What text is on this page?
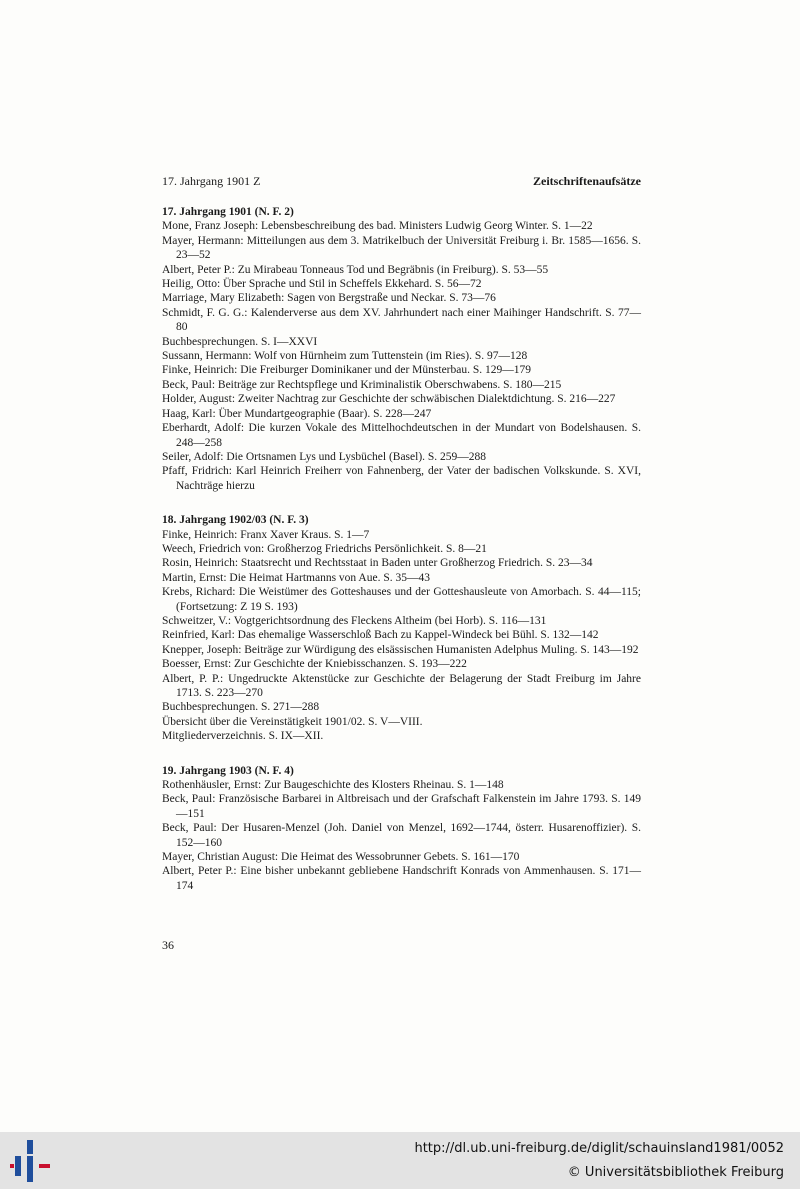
17. Jahrgang 1901 Z	Zeitschriftenaufsätze
17. Jahrgang 1901 (N. F. 2)
Mone, Franz Joseph: Lebensbeschreibung des bad. Ministers Ludwig Georg Winter. S. 1—22
Mayer, Hermann: Mitteilungen aus dem 3. Matrikelbuch der Universität Freiburg i. Br. 1585—1656. S. 23—52
Albert, Peter P.: Zu Mirabeau Tonneaus Tod und Begräbnis (in Freiburg). S. 53—55
Heilig, Otto: Über Sprache und Stil in Scheffels Ekkehard. S. 56—72
Marriage, Mary Elizabeth: Sagen von Bergstraße und Neckar. S. 73—76
Schmidt, F. G. G.: Kalenderverse aus dem XV. Jahrhundert nach einer Maihinger Handschrift. S. 77—80
Buchbesprechungen. S. I—XXVI
Sussann, Hermann: Wolf von Hürnheim zum Tuttenstein (im Ries). S. 97—128
Finke, Heinrich: Die Freiburger Dominikaner und der Münsterbau. S. 129—179
Beck, Paul: Beiträge zur Rechtspflege und Kriminalistik Oberschwabens. S. 180—215
Holder, August: Zweiter Nachtrag zur Geschichte der schwäbischen Dialektdichtung. S. 216—227
Haag, Karl: Über Mundartgeographie (Baar). S. 228—247
Eberhardt, Adolf: Die kurzen Vokale des Mittelhochdeutschen in der Mundart von Bodelshausen. S. 248—258
Seiler, Adolf: Die Ortsnamen Lys und Lysbüchel (Basel). S. 259—288
Pfaff, Fridrich: Karl Heinrich Freiherr von Fahnenberg, der Vater der badischen Volkskunde. S. XVI, Nachträge hierzu
18. Jahrgang 1902/03 (N. F. 3)
Finke, Heinrich: Franx Xaver Kraus. S. 1—7
Weech, Friedrich von: Großherzog Friedrichs Persönlichkeit. S. 8—21
Rosin, Heinrich: Staatsrecht und Rechtsstaat in Baden unter Großherzog Friedrich. S. 23—34
Martin, Ernst: Die Heimat Hartmanns von Aue. S. 35—43
Krebs, Richard: Die Weistümer des Gotteshauses und der Gotteshausleute von Amorbach. S. 44—115; (Fortsetzung: Z 19 S. 193)
Schweitzer, V.: Vogtgerichtsordnung des Fleckens Altheim (bei Horb). S. 116—131
Reinfried, Karl: Das ehemalige Wasserschloß Bach zu Kappel-Windeck bei Bühl. S. 132—142
Knepper, Joseph: Beiträge zur Würdigung des elsässischen Humanisten Adelphus Muling. S. 143—192
Boesser, Ernst: Zur Geschichte der Kniebisschanzen. S. 193—222
Albert, P. P.: Ungedruckte Aktenstücke zur Geschichte der Belagerung der Stadt Freiburg im Jahre 1713. S. 223—270
Buchbesprechungen. S. 271—288
Übersicht über die Vereinstätigkeit 1901/02. S. V—VIII.
Mitgliederverzeichnis. S. IX—XII.
19. Jahrgang 1903 (N. F. 4)
Rothenhäusler, Ernst: Zur Baugeschichte des Klosters Rheinau. S. 1—148
Beck, Paul: Französische Barbarei in Altbreisach und der Grafschaft Falkenstein im Jahre 1793. S. 149—151
Beck, Paul: Der Husaren-Menzel (Joh. Daniel von Menzel, 1692—1744, österr. Husarenoffizier). S. 152—160
Mayer, Christian August: Die Heimat des Wessobrunner Gebets. S. 161—170
Albert, Peter P.: Eine bisher unbekannt gebliebene Handschrift Konrads von Ammenhausen. S. 171—174
36
http://dl.ub.uni-freiburg.de/diglit/schauinsland1981/0052
© Universitätsbibliothek Freiburg
